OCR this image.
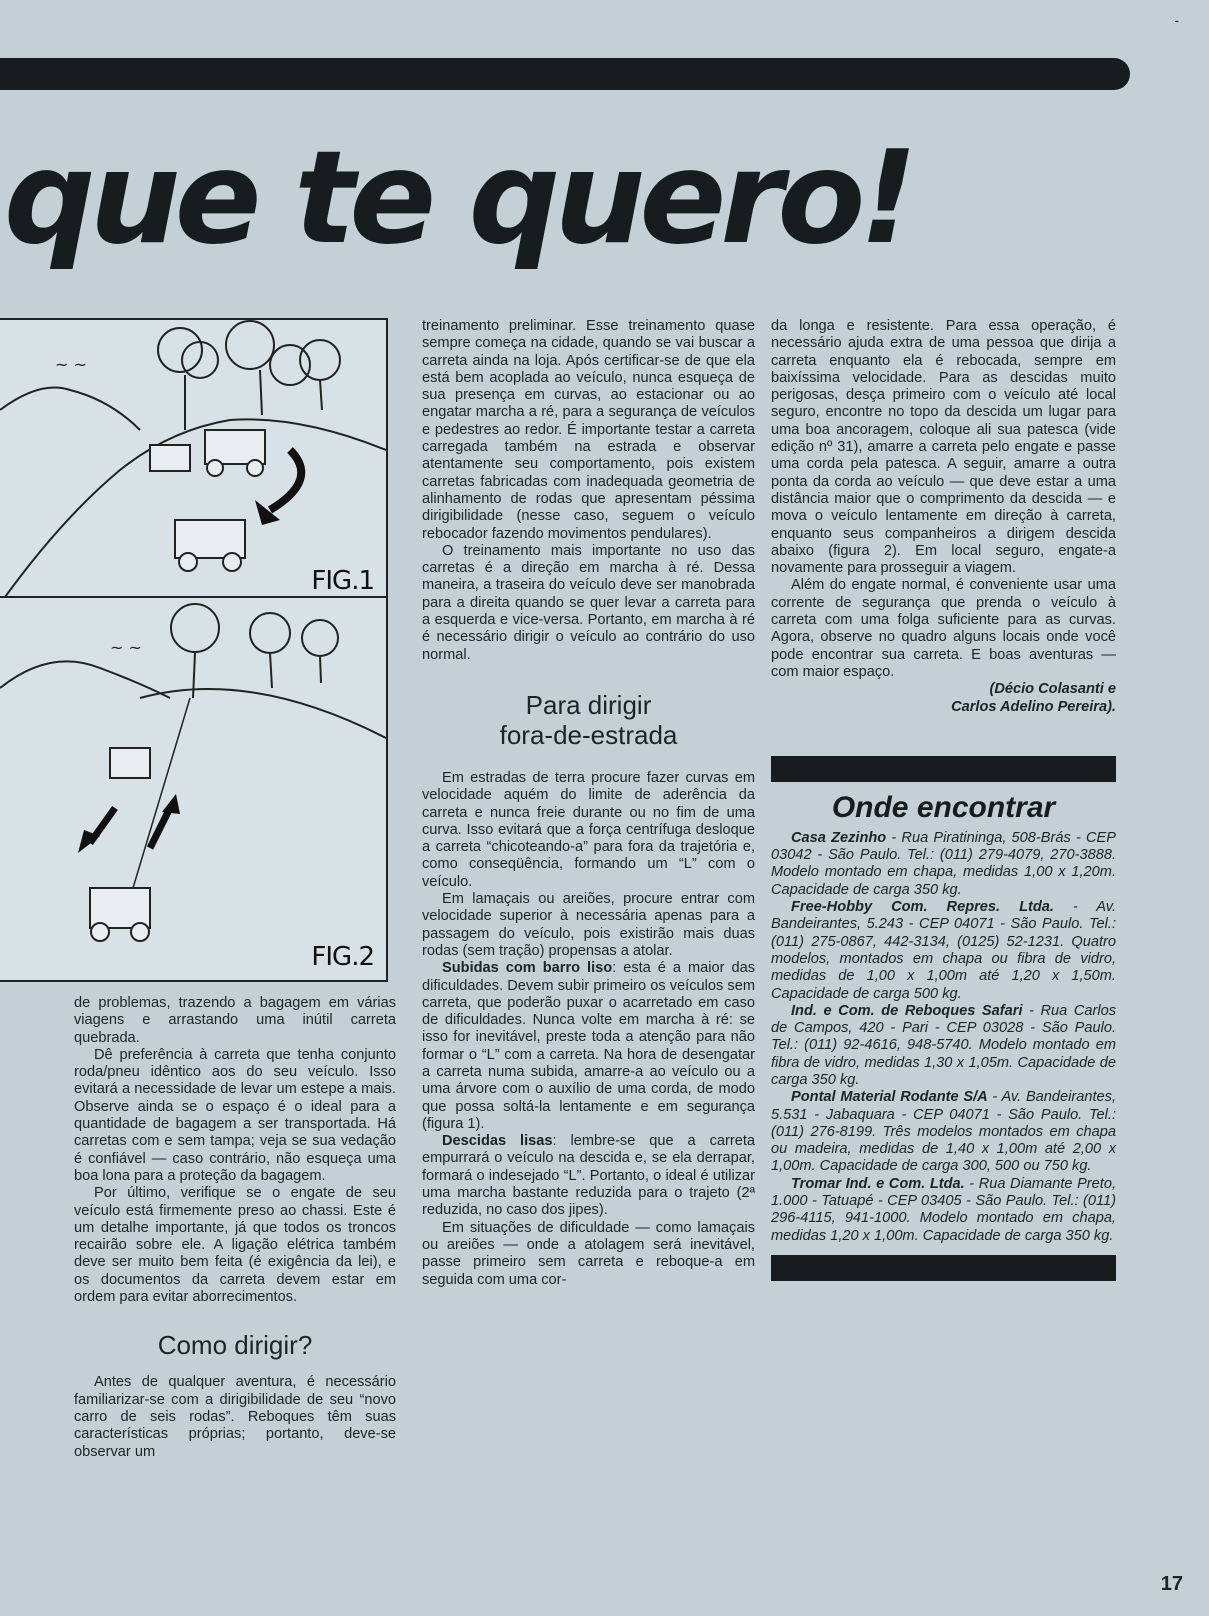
-
que te quero!
~ ~
FIG.1
~ ~
FIG.2

de problemas, trazendo a bagagem em várias viagens e arrastando uma inútil carreta quebrada.

Dê preferência à carreta que tenha conjunto roda/pneu idêntico aos do seu veículo. Isso evitará a necessidade de levar um estepe a mais. Observe ainda se o espaço é o ideal para a quantidade de bagagem a ser transportada. Há carretas com e sem tampa; veja se sua vedação é confiável — caso contrário, não esqueça uma boa lona para a proteção da bagagem.

Por último, verifique se o engate de seu veículo está firmemente preso ao chassi. Este é um detalhe importante, já que todos os troncos recairão sobre ele. A ligação elétrica também deve ser muito bem feita (é exigência da lei), e os documentos da carreta devem estar em ordem para evitar aborrecimentos.

Como dirigir?

Antes de qualquer aventura, é necessário familiarizar-se com a dirigibilidade de seu “novo carro de seis rodas”. Reboques têm suas características próprias; portanto, deve-se observar um

treinamento preliminar. Esse treinamento quase sempre começa na cidade, quando se vai buscar a carreta ainda na loja. Após certificar-se de que ela está bem acoplada ao veículo, nunca esqueça de sua presença em curvas, ao estacionar ou ao engatar marcha a ré, para a segurança de veículos e pedestres ao redor. É importante testar a carreta carregada também na estrada e observar atentamente seu comportamento, pois existem carretas fabricadas com inadequada geometria de alinhamento de rodas que apresentam péssima dirigibilidade (nesse caso, seguem o veículo rebocador fazendo movimentos pendulares).

O treinamento mais importante no uso das carretas é a direção em marcha à ré. Dessa maneira, a traseira do veículo deve ser manobrada para a direita quando se quer levar a carreta para a esquerda e vice-versa. Portanto, em marcha à ré é necessário dirigir o veículo ao contrário do uso normal.

Para dirigir
fora-de-estrada

Em estradas de terra procure fazer curvas em velocidade aquém do limite de aderência da carreta e nunca freie durante ou no fim de uma curva. Isso evitará que a força centrífuga desloque a carreta “chicoteando-a” para fora da trajetória e, como conseqüência, formando um “L” com o veículo.

Em lamaçais ou areiões, procure entrar com velocidade superior à necessária apenas para a passagem do veículo, pois existirão mais duas rodas (sem tração) propensas a atolar.

Subidas com barro liso: esta é a maior das dificuldades. Devem subir primeiro os veículos sem carreta, que poderão puxar o acarretado em caso de dificuldades. Nunca volte em marcha à ré: se isso for inevitável, preste toda a atenção para não formar o “L” com a carreta. Na hora de desengatar a carreta numa subida, amarre-a ao veículo ou a uma árvore com o auxílio de uma corda, de modo que possa soltá-la lentamente e em segurança (figura 1).

Descidas lisas: lembre-se que a carreta empurrará o veículo na descida e, se ela derrapar, formará o indesejado “L”. Portanto, o ideal é utilizar uma marcha bastante reduzida para o trajeto (2ª reduzida, no caso dos jipes).

Em situações de dificuldade — como lamaçais ou areiões — onde a atolagem será inevitável, passe primeiro sem carreta e reboque-a em seguida com uma cor-

da longa e resistente. Para essa operação, é necessário ajuda extra de uma pessoa que dirija a carreta enquanto ela é rebocada, sempre em baixíssima velocidade. Para as descidas muito perigosas, desça primeiro com o veículo até local seguro, encontre no topo da descida um lugar para uma boa ancoragem, coloque ali sua patesca (vide edição nº 31), amarre a carreta pelo engate e passe uma corda pela patesca. A seguir, amarre a outra ponta da corda ao veículo — que deve estar a uma distância maior que o comprimento da descida — e mova o veículo lentamente em direção à carreta, enquanto seus companheiros a dirigem descida abaixo (figura 2). Em local seguro, engate-a novamente para prosseguir a viagem.

Além do engate normal, é conveniente usar uma corrente de segurança que prenda o veículo à carreta com uma folga suficiente para as curvas. Agora, observe no quadro alguns locais onde você pode encontrar sua carreta. E boas aventuras — com maior espaço.

(Décio Colasanti e

Carlos Adelino Pereira).

Onde encontrar

Casa Zezinho - Rua Piratininga, 508-Brás - CEP 03042 - São Paulo. Tel.: (011) 279-4079, 270-3888. Modelo montado em chapa, medidas 1,00 x 1,20m. Capacidade de carga 350 kg.

Free-Hobby Com. Repres. Ltda. - Av. Bandeirantes, 5.243 - CEP 04071 - São Paulo. Tel.: (011) 275-0867, 442-3134, (0125) 52-1231. Quatro modelos, montados em chapa ou fibra de vidro, medidas de 1,00 x 1,00m até 1,20 x 1,50m. Capacidade de carga 500 kg.

Ind. e Com. de Reboques Safari - Rua Carlos de Campos, 420 - Pari - CEP 03028 - São Paulo. Tel.: (011) 92-4616, 948-5740. Modelo montado em fibra de vidro, medidas 1,30 x 1,05m. Capacidade de carga 350 kg.

Pontal Material Rodante S/A - Av. Bandeirantes, 5.531 - Jabaquara - CEP 04071 - São Paulo. Tel.: (011) 276-8199. Três modelos montados em chapa ou madeira, medidas de 1,40 x 1,00m até 2,00 x 1,00m. Capacidade de carga 300, 500 ou 750 kg.

Tromar Ind. e Com. Ltda. - Rua Diamante Preto, 1.000 - Tatuapé - CEP 03405 - São Paulo. Tel.: (011) 296-4115, 941-1000. Modelo montado em chapa, medidas 1,20 x 1,00m. Capacidade de carga 350 kg.

17
